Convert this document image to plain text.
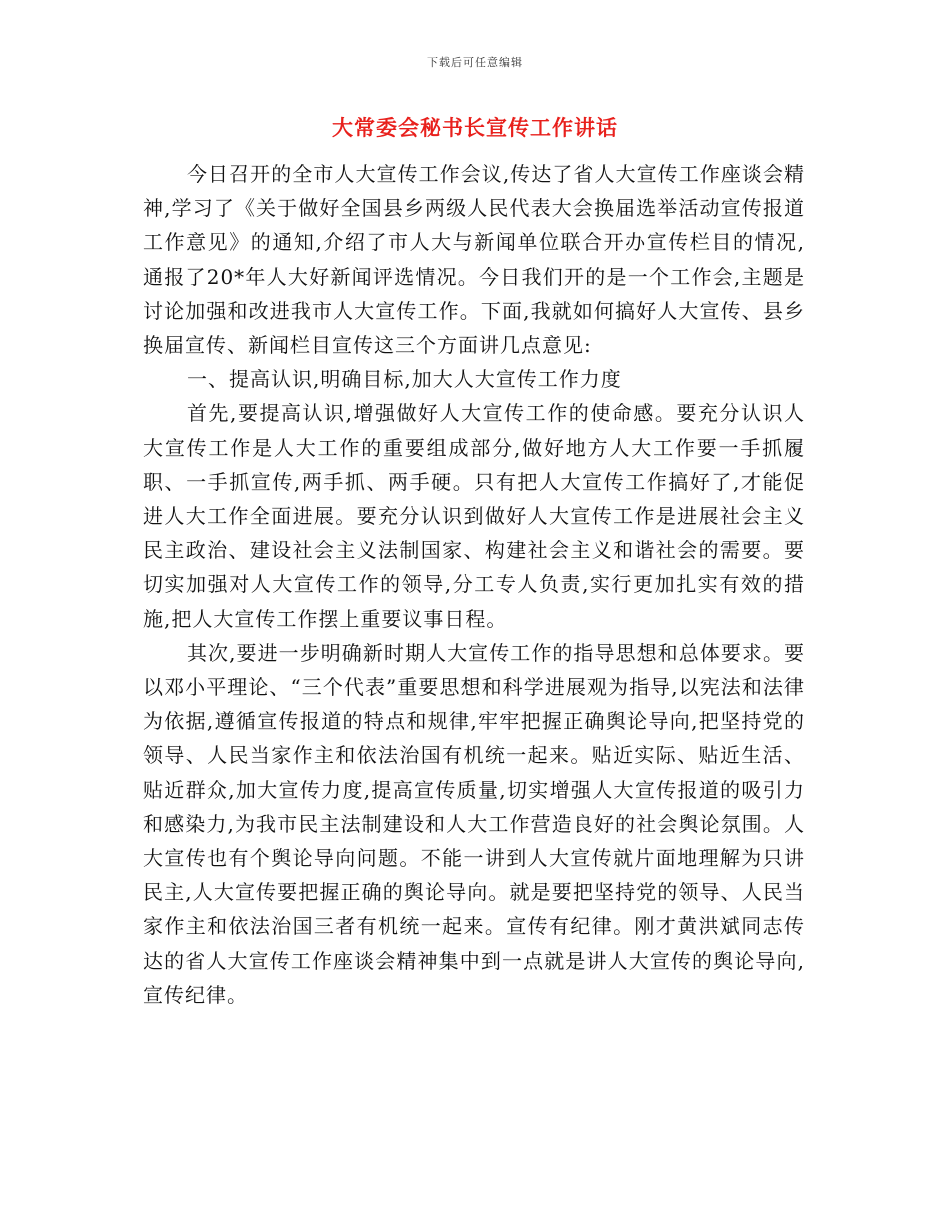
下载后可任意编辑
大常委会秘书长宣传工作讲话

今日召开的全市人大宣传工作会议,传达了省人大宣传工作座谈会精神,学习了《关于做好全国县乡两级人民代表大会换届选举活动宣传报道工作意见》的通知,介绍了市人大与新闻单位联合开办宣传栏目的情况,通报了20*年人大好新闻评选情况。今日我们开的是一个工作会,主题是讨论加强和改进我市人大宣传工作。下面,我就如何搞好人大宣传、县乡换届宣传、新闻栏目宣传这三个方面讲几点意见:

一、提高认识,明确目标,加大人大宣传工作力度

首先,要提高认识,增强做好人大宣传工作的使命感。要充分认识人大宣传工作是人大工作的重要组成部分,做好地方人大工作要一手抓履职、一手抓宣传,两手抓、两手硬。只有把人大宣传工作搞好了,才能促进人大工作全面进展。要充分认识到做好人大宣传工作是进展社会主义民主政治、建设社会主义法制国家、构建社会主义和谐社会的需要。要切实加强对人大宣传工作的领导,分工专人负责,实行更加扎实有效的措施,把人大宣传工作摆上重要议事日程。

其次,要进一步明确新时期人大宣传工作的指导思想和总体要求。要以邓小平理论、“三个代表”重要思想和科学进展观为指导,以宪法和法律为依据,遵循宣传报道的特点和规律,牢牢把握正确舆论导向,把坚持党的领导、人民当家作主和依法治国有机统一起来。贴近实际、贴近生活、贴近群众,加大宣传力度,提高宣传质量,切实增强人大宣传报道的吸引力和感染力,为我市民主法制建设和人大工作营造良好的社会舆论氛围。人大宣传也有个舆论导向问题。不能一讲到人大宣传就片面地理解为只讲民主,人大宣传要把握正确的舆论导向。就是要把坚持党的领导、人民当家作主和依法治国三者有机统一起来。宣传有纪律。刚才黄洪斌同志传达的省人大宣传工作座谈会精神集中到一点就是讲人大宣传的舆论导向,宣传纪律。
